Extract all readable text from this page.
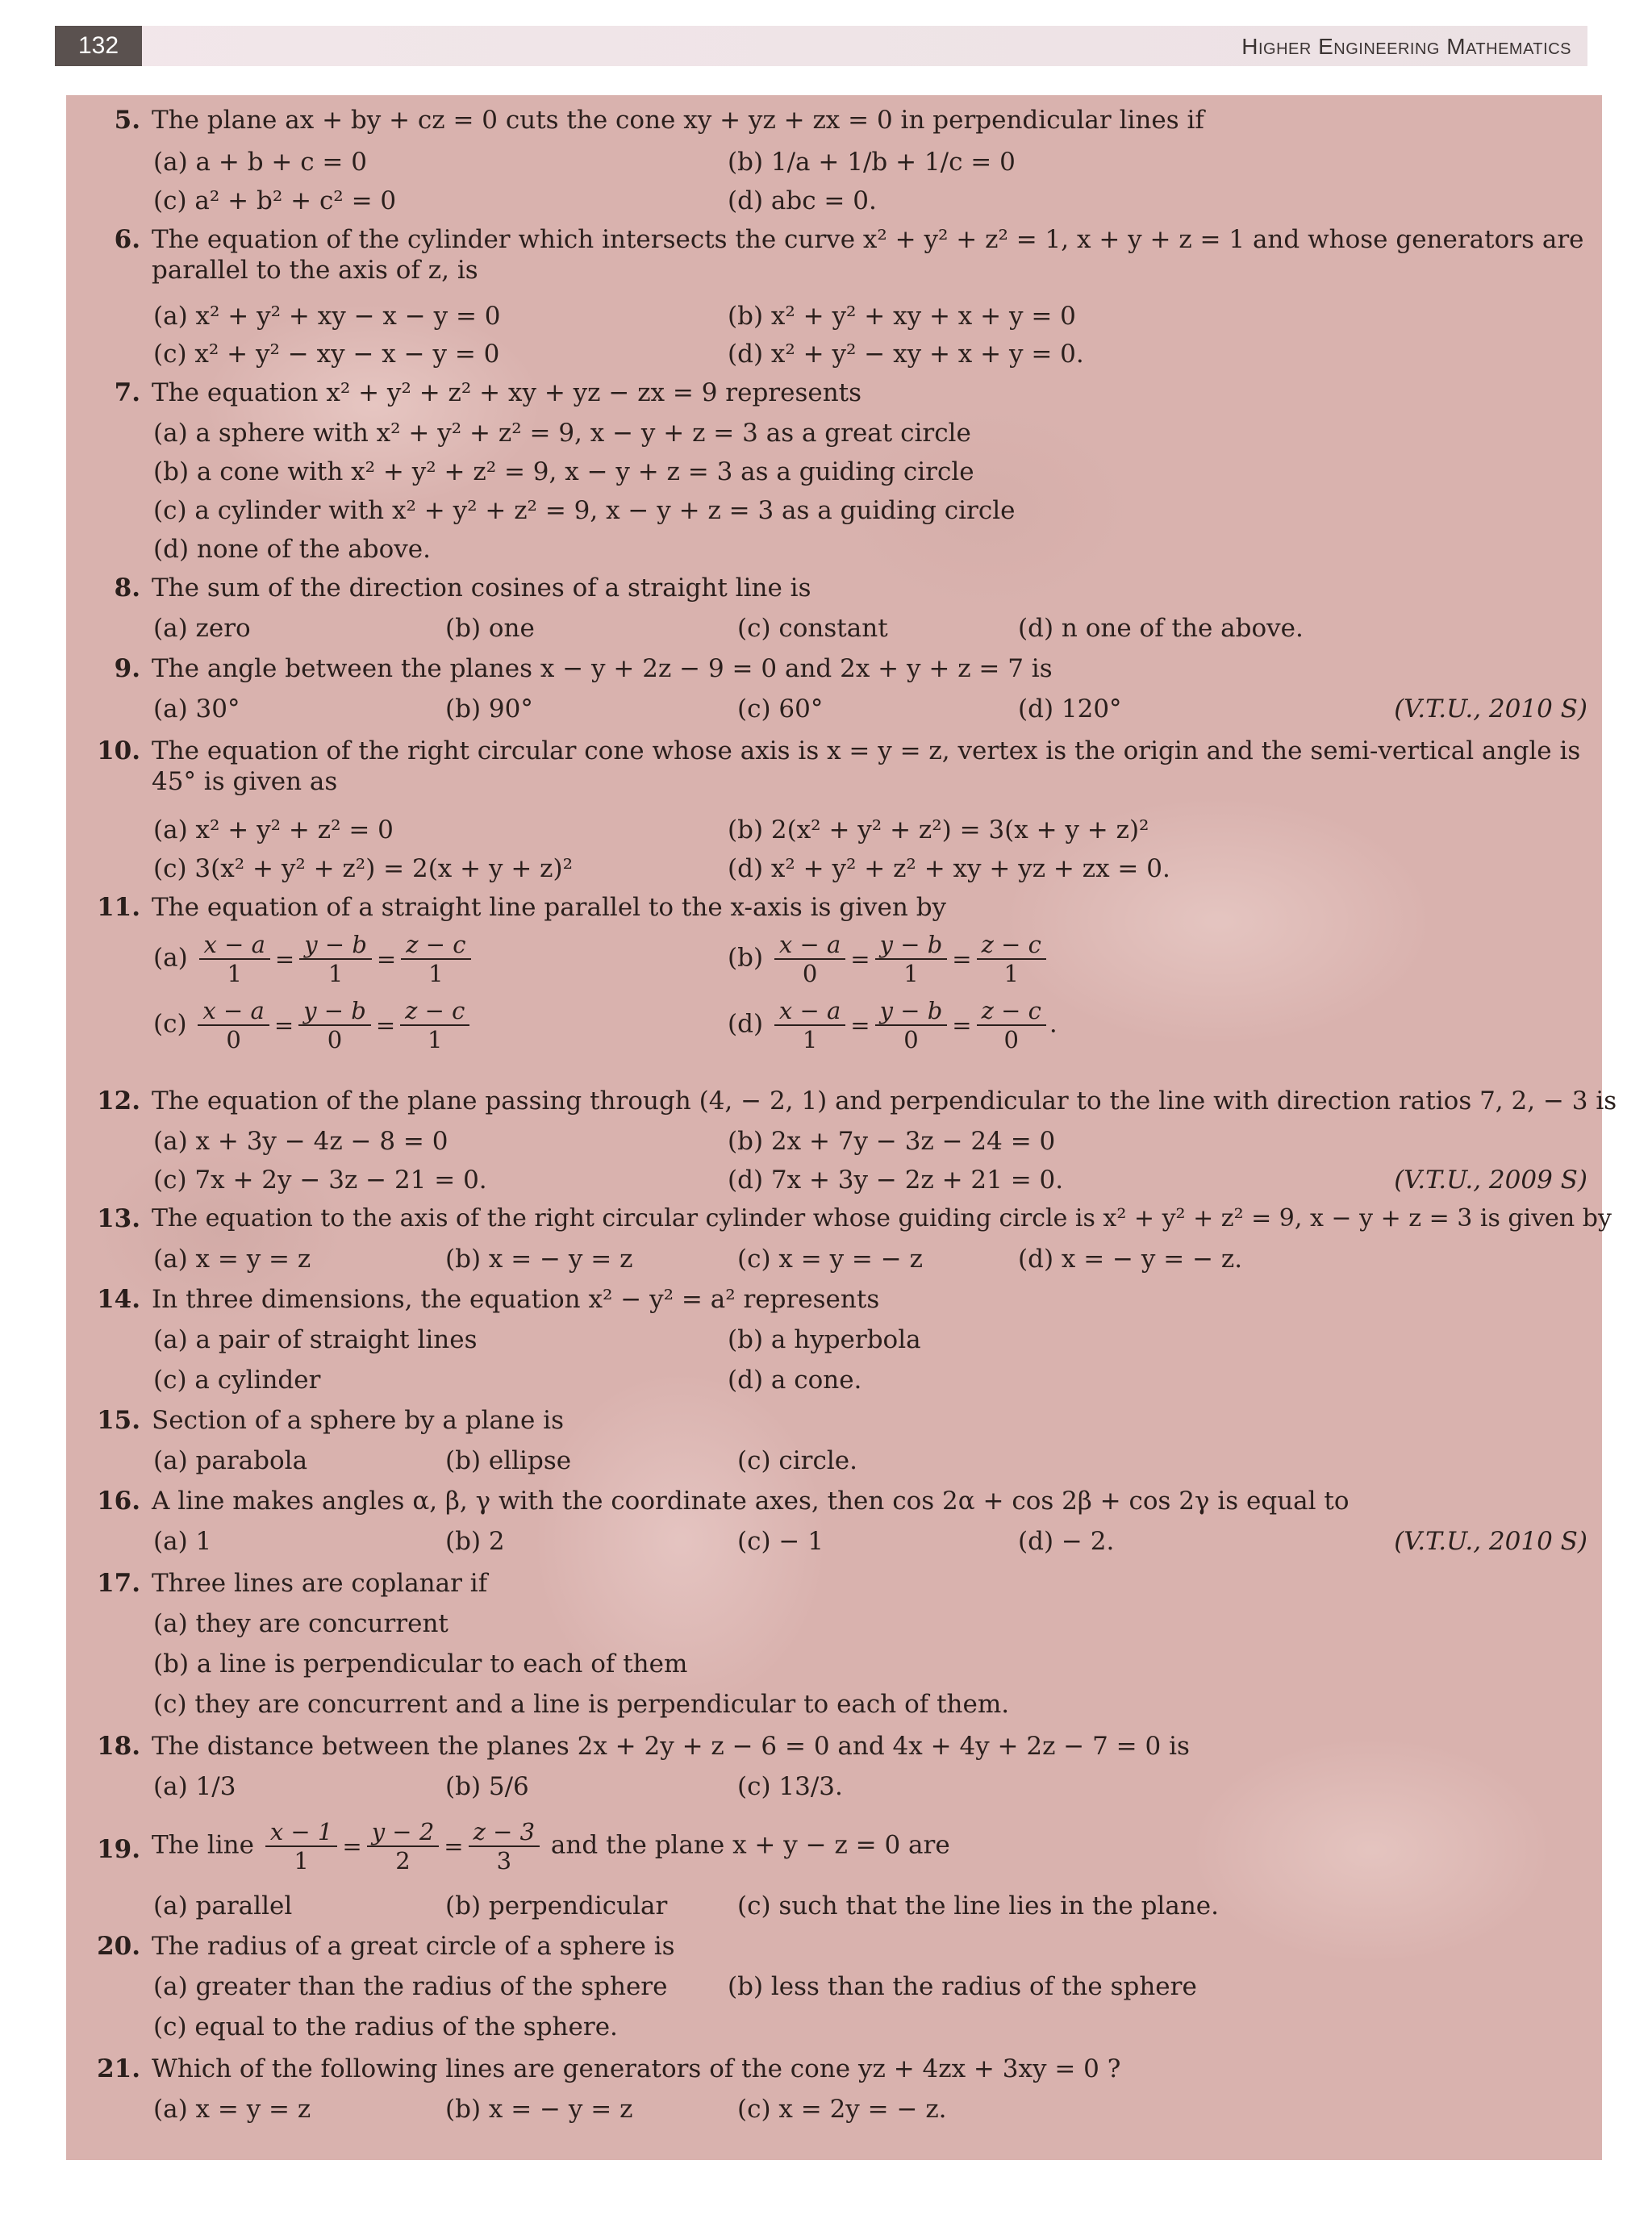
132	Higher Engineering Mathematics
5. The plane ax + by + cz = 0 cuts the cone xy + yz + zx = 0 in perpendicular lines if
(a) a + b + c = 0	(b) 1/a + 1/b + 1/c = 0
(c) a² + b² + c² = 0	(d) abc = 0.
6. The equation of the cylinder which intersects the curve x² + y² + z² = 1, x + y + z = 1 and whose generators are parallel to the axis of z, is
(a) x² + y² + xy − x − y = 0	(b) x² + y² + xy + x + y = 0
(c) x² + y² − xy − x − y = 0	(d) x² + y² − xy + x + y = 0.
7. The equation x² + y² + z² + xy + yz − zx = 9 represents
(a) a sphere with x² + y² + z² = 9, x − y + z = 3 as a great circle
(b) a cone with x² + y² + z² = 9, x − y + z = 3 as a guiding circle
(c) a cylinder with x² + y² + z² = 9, x − y + z = 3 as a guiding circle
(d) none of the above.
8. The sum of the direction cosines of a straight line is
(a) zero	(b) one	(c) constant	(d) n one of the above.
9. The angle between the planes x − y + 2z − 9 = 0 and 2x + y + z = 7 is
(a) 30°	(b) 90°	(c) 60°	(d) 120°	(V.T.U., 2010 S)
10. The equation of the right circular cone whose axis is x = y = z, vertex is the origin and the semi-vertical angle is 45° is given as
(a) x² + y² + z² = 0	(b) 2(x² + y² + z²) = 3(x + y + z)²
(c) 3(x² + y² + z²) = 2(x + y + z)²	(d) x² + y² + z² + xy + yz + zx = 0.
11. The equation of a straight line parallel to the x-axis is given by
$(a) \frac{x - a}{1} = \frac{y - b}{1} = \frac{z - c}{1}$	$(b) \frac{x - a}{0} = \frac{y - b}{1} = \frac{z - c}{1}$
$(c) \frac{x - a}{0} = \frac{y - b}{0} = \frac{z - c}{1}$	$(d) \frac{x - a}{1} = \frac{y - b}{0} = \frac{z - c}{0}$ .
12. The equation of the plane passing through (4, − 2, 1) and perpendicular to the line with direction ratios 7, 2, − 3 is
(a) x + 3y − 4z − 8 = 0	(b) 2x + 7y − 3z − 24 = 0
(c) 7x + 2y − 3z − 21 = 0.	(d) 7x + 3y − 2z + 21 = 0.	(V.T.U., 2009 S)
13. The equation to the axis of the right circular cylinder whose guiding circle is x² + y² + z² = 9, x − y + z = 3 is given by
(a) x = y = z	(b) x = − y = z	(c) x = y = − z	(d) x = − y = − z.
14. In three dimensions, the equation x² − y² = a² represents
(a) a pair of straight lines	(b) a hyperbola
(c) a cylinder	(d) a cone.
15. Section of a sphere by a plane is
(a) parabola	(b) ellipse	(c) circle.
16. A line makes angles α, β, γ with the coordinate axes, then cos 2α + cos 2β + cos 2γ is equal to
(a) 1	(b) 2	(c) − 1	(d) − 2.	(V.T.U., 2010 S)
17. Three lines are coplanar if
(a) they are concurrent
(b) a line is perpendicular to each of them
(c) they are concurrent and a line is perpendicular to each of them.
18. The distance between the planes 2x + 2y + z − 6 = 0 and 4x + 4y + 2z − 7 = 0 is
(a) 1/3	(b) 5/6	(c) 13/3.
19. The line $\frac{x - 1}{1} = \frac{y - 2}{2} = \frac{z - 3}{3}$ and the plane x + y − z = 0 are
(a) parallel	(b) perpendicular	(c) such that the line lies in the plane.
20. The radius of a great circle of a sphere is
(a) greater than the radius of the sphere (b) less than the radius of the sphere
(c) equal to the radius of the sphere.
21. Which of the following lines are generators of the cone yz + 4zx + 3xy = 0 ?
(a) x = y = z	(b) x = − y = z	(c) x = 2y = − z.
